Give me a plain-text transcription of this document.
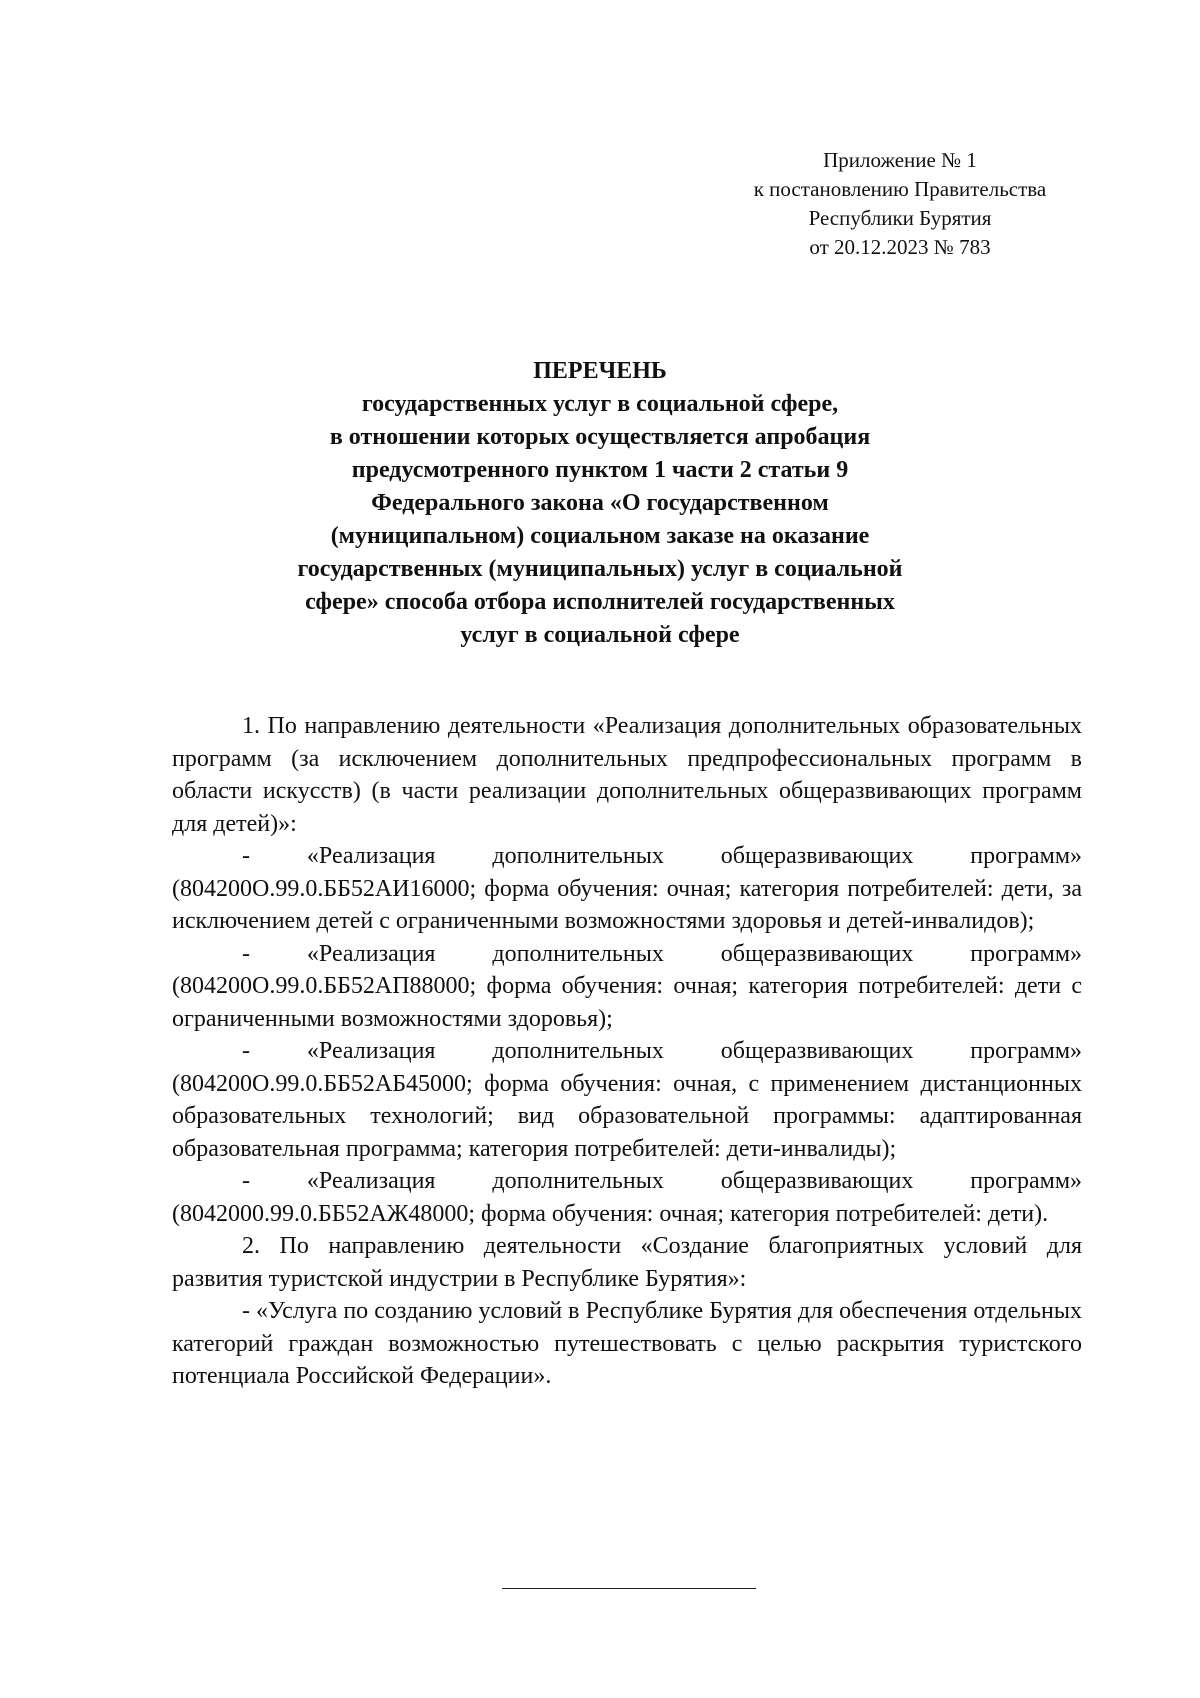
Приложение № 1
к постановлению Правительства
Республики Бурятия
от 20.12.2023 № 783
ПЕРЕЧЕНЬ
государственных услуг в социальной сфере,
в отношении которых осуществляется апробация
предусмотренного пунктом 1 части 2 статьи 9
Федерального закона «О государственном
(муниципальном) социальном заказе на оказание
государственных (муниципальных) услуг в социальной
сфере» способа отбора исполнителей государственных
услуг в социальной сфере

1. По направлению деятельности «Реализация дополнительных образовательных программ (за исключением дополнительных предпрофессиональных программ в области искусств) (в части реализации дополнительных общеразвивающих программ для детей)»:

- «Реализация дополнительных общеразвивающих программ» (804200О.99.0.ББ52АИ16000; форма обучения: очная; категория потребителей: дети, за исключением детей с ограниченными возможностями здоровья и детей-инвалидов);

- «Реализация дополнительных общеразвивающих программ» (804200О.99.0.ББ52АП88000; форма обучения: очная; категория потребителей: дети с ограниченными возможностями здоровья);

- «Реализация дополнительных общеразвивающих программ» (804200О.99.0.ББ52АБ45000; форма обучения: очная, с применением дистанционных образовательных технологий; вид образовательной программы: адаптированная образовательная программа; категория потребителей: дети-инвалиды);

- «Реализация дополнительных общеразвивающих программ» (8042000.99.0.ББ52АЖ48000; форма обучения: очная; категория потребителей: дети).

2. По направлению деятельности «Создание благоприятных условий для развития туристской индустрии в Республике Бурятия»:

- «Услуга по созданию условий в Республике Бурятия для обеспечения отдельных категорий граждан возможностью путешествовать с целью раскрытия туристского потенциала Российской Федерации».
